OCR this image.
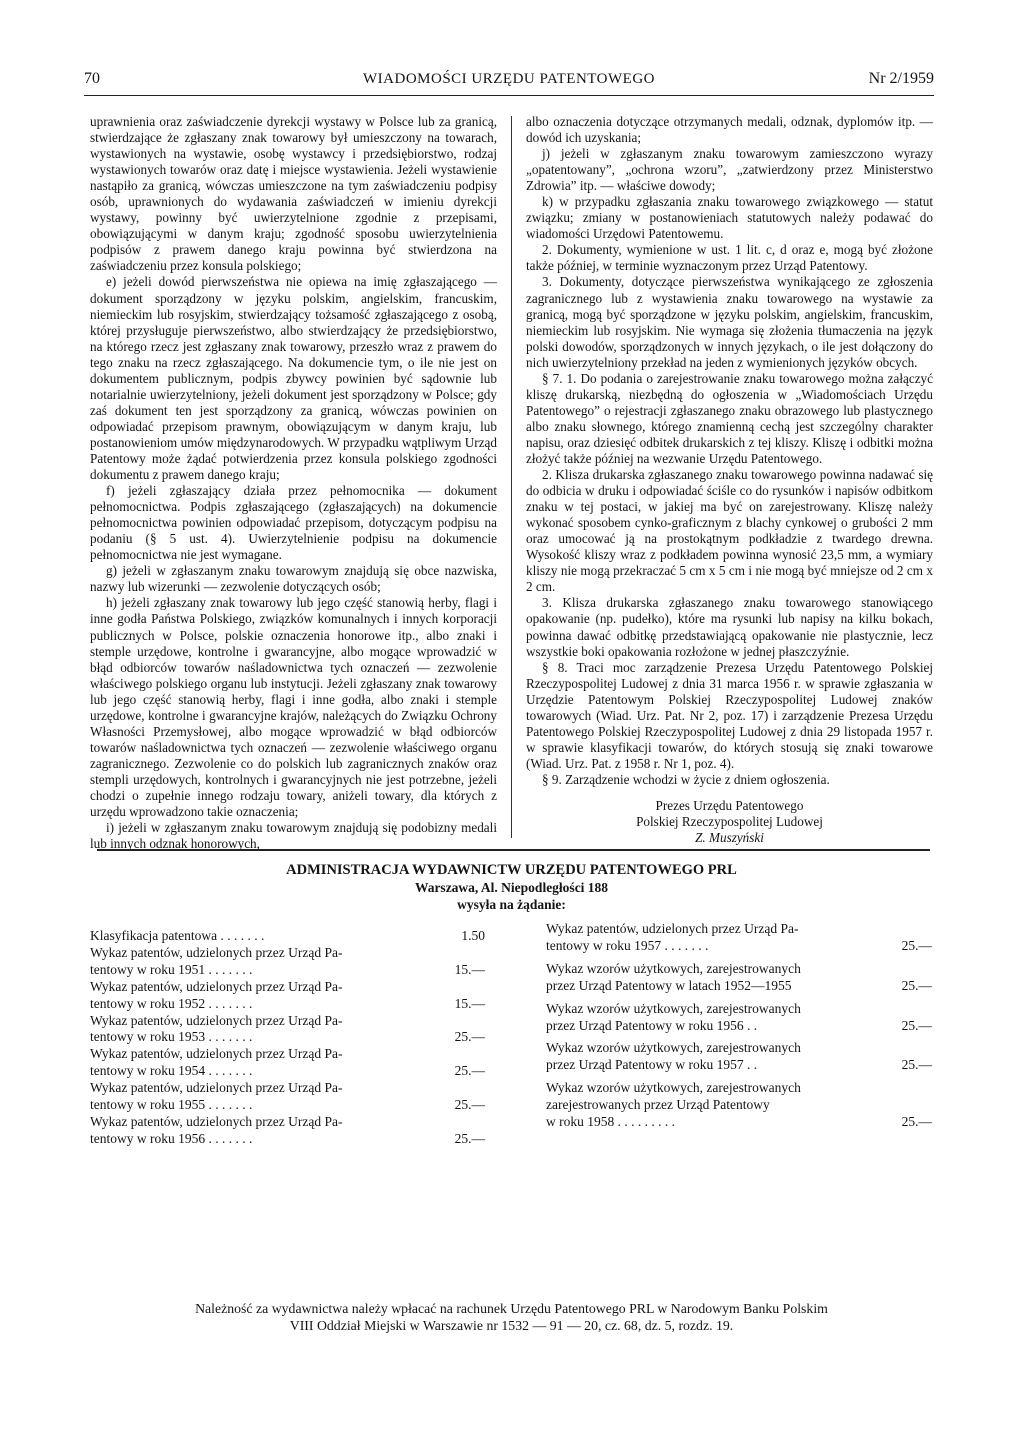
70	WIADOMOŚCI URZĘDU PATENTOWEGO	Nr 2/1959

uprawnienia oraz zaświadczenie dyrekcji wystawy w Polsce lub za granicą, stwierdzające że zgłaszany znak towarowy był umieszczony na towarach, wystawionych na wystawie, osobę wystawcy i przedsiębiorstwo, rodzaj wystawionych towarów oraz datę i miejsce wystawienia. Jeżeli wystawienie nastąpiło za granicą, wówczas umieszczone na tym zaświadczeniu podpisy osób, uprawnionych do wydawania zaświadczeń w imieniu dyrekcji wystawy, powinny być uwierzytelnione zgodnie z przepisami, obowiązującymi w danym kraju; zgodność sposobu uwierzytelnienia podpisów z prawem danego kraju powinna być stwierdzona na zaświadczeniu przez konsula polskiego;

e) jeżeli dowód pierwszeństwa nie opiewa na imię zgłaszającego — dokument sporządzony w języku polskim, angielskim, francuskim, niemieckim lub rosyjskim, stwierdzający tożsamość zgłaszającego z osobą, której przysługuje pierwszeństwo, albo stwierdzający że przedsiębiorstwo, na którego rzecz jest zgłaszany znak towarowy, przeszło wraz z prawem do tego znaku na rzecz zgłaszającego. Na dokumencie tym, o ile nie jest on dokumentem publicznym, podpis zbywcy powinien być sądownie lub notarialnie uwierzytelniony, jeżeli dokument jest sporządzony w Polsce; gdy zaś dokument ten jest sporządzony za granicą, wówczas powinien on odpowiadać przepisom prawnym, obowiązującym w danym kraju, lub postanowieniom umów międzynarodowych. W przypadku wątpliwym Urząd Patentowy może żądać potwierdzenia przez konsula polskiego zgodności dokumentu z prawem danego kraju;

f) jeżeli zgłaszający działa przez pełnomocnika — dokument pełnomocnictwa. Podpis zgłaszającego (zgłaszających) na dokumencie pełnomocnictwa powinien odpowiadać przepisom, dotyczącym podpisu na podaniu (§ 5 ust. 4). Uwierzytelnienie podpisu na dokumencie pełnomocnictwa nie jest wymagane.

g) jeżeli w zgłaszanym znaku towarowym znajdują się obce nazwiska, nazwy lub wizerunki — zezwolenie dotyczących osób;

h) jeżeli zgłaszany znak towarowy lub jego część stanowią herby, flagi i inne godła Państwa Polskiego, związków komunalnych i innych korporacji publicznych w Polsce, polskie oznaczenia honorowe itp., albo znaki i stemple urzędowe, kontrolne i gwarancyjne, albo mogące wprowadzić w błąd odbiorców towarów naśladownictwa tych oznaczeń — zezwolenie właściwego polskiego organu lub instytucji. Jeżeli zgłaszany znak towarowy lub jego część stanowią herby, flagi i inne godła, albo znaki i stemple urzędowe, kontrolne i gwarancyjne krajów, należących do Związku Ochrony Własności Przemysłowej, albo mogące wprowadzić w błąd odbiorców towarów naśladownictwa tych oznaczeń — zezwolenie właściwego organu zagranicznego. Zezwolenie co do polskich lub zagranicznych znaków oraz stempli urzędowych, kontrolnych i gwarancyjnych nie jest potrzebne, jeżeli chodzi o zupełnie innego rodzaju towary, aniżeli towary, dla których z urzędu wprowadzono takie oznaczenia;

i) jeżeli w zgłaszanym znaku towarowym znajdują się podobizny medali lub innych odznak honorowych,

albo oznaczenia dotyczące otrzymanych medali, odznak, dyplomów itp. — dowód ich uzyskania;

j) jeżeli w zgłaszanym znaku towarowym zamieszczono wyrazy „opatentowany”, „ochrona wzoru”, „zatwierdzony przez Ministerstwo Zdrowia” itp. — właściwe dowody;

k) w przypadku zgłaszania znaku towarowego związkowego — statut związku; zmiany w postanowieniach statutowych należy podawać do wiadomości Urzędowi Patentowemu.

2. Dokumenty, wymienione w ust. 1 lit. c, d oraz e, mogą być złożone także później, w terminie wyznaczonym przez Urząd Patentowy.

3. Dokumenty, dotyczące pierwszeństwa wynikającego ze zgłoszenia zagranicznego lub z wystawienia znaku towarowego na wystawie za granicą, mogą być sporządzone w języku polskim, angielskim, francuskim, niemieckim lub rosyjskim. Nie wymaga się złożenia tłumaczenia na język polski dowodów, sporządzonych w innych językach, o ile jest dołączony do nich uwierzytelniony przekład na jeden z wymienionych języków obcych.

§ 7. 1. Do podania o zarejestrowanie znaku towarowego można załączyć kliszę drukarską, niezbędną do ogłoszenia w „Wiadomościach Urzędu Patentowego” o rejestracji zgłaszanego znaku obrazowego lub plastycznego albo znaku słownego, którego znamienną cechą jest szczególny charakter napisu, oraz dziesięć odbitek drukarskich z tej kliszy. Kliszę i odbitki można złożyć także później na wezwanie Urzędu Patentowego.

2. Klisza drukarska zgłaszanego znaku towarowego powinna nadawać się do odbicia w druku i odpowiadać ściśle co do rysunków i napisów odbitkom znaku w tej postaci, w jakiej ma być on zarejestrowany. Kliszę należy wykonać sposobem cynko-graficznym z blachy cynkowej o grubości 2 mm oraz umocować ją na prostokątnym podkładzie z twardego drewna. Wysokość kliszy wraz z podkładem powinna wynosić 23,5 mm, a wymiary kliszy nie mogą przekraczać 5 cm x 5 cm i nie mogą być mniejsze od 2 cm x 2 cm.

3. Klisza drukarska zgłaszanego znaku towarowego stanowiącego opakowanie (np. pudełko), które ma rysunki lub napisy na kilku bokach, powinna dawać odbitkę przedstawiającą opakowanie nie plastycznie, lecz wszystkie boki opakowania rozłożone w jednej płaszczyźnie.

§ 8. Traci moc zarządzenie Prezesa Urzędu Patentowego Polskiej Rzeczypospolitej Ludowej z dnia 31 marca 1956 r. w sprawie zgłaszania w Urzędzie Patentowym Polskiej Rzeczypospolitej Ludowej znaków towarowych (Wiad. Urz. Pat. Nr 2, poz. 17) i zarządzenie Prezesa Urzędu Patentowego Polskiej Rzeczypospolitej Ludowej z dnia 29 listopada 1957 r. w sprawie klasyfikacji towarów, do których stosują się znaki towarowe (Wiad. Urz. Pat. z 1958 r. Nr 1, poz. 4).

§ 9. Zarządzenie wchodzi w życie z dniem ogłoszenia.

Prezes Urzędu Patentowego
Polskiej Rzeczypospolitej Ludowej
Z. Muszyński
ADMINISTRACJA WYDAWNICTW URZĘDU PATENTOWEGO PRL
Warszawa, Al. Niepodległości 188
wysyła na żądanie:
Klasyfikacja patentowa . . . . . . .	1.50
Wykaz patentów, udzielonych przez Urząd Pa-
tentowy w roku 1951 . . . . . . .	15.—
Wykaz patentów, udzielonych przez Urząd Pa-
tentowy w roku 1952 . . . . . . .	15.—
Wykaz patentów, udzielonych przez Urząd Pa-
tentowy w roku 1953 . . . . . . .	25.—
Wykaz patentów, udzielonych przez Urząd Pa-
tentowy w roku 1954 . . . . . . .	25.—
Wykaz patentów, udzielonych przez Urząd Pa-
tentowy w roku 1955 . . . . . . .	25.—
Wykaz patentów, udzielonych przez Urząd Pa-
tentowy w roku 1956 . . . . . . .	25.—
Wykaz patentów, udzielonych przez Urząd Pa-
tentowy w roku 1957 . . . . . . .	25.—
Wykaz wzorów użytkowych, zarejestrowanych
przez Urząd Patentowy w latach 1952—1955	25.—
Wykaz wzorów użytkowych, zarejestrowanych
przez Urząd Patentowy w roku 1956 . .	25.—
Wykaz wzorów użytkowych, zarejestrowanych
przez Urząd Patentowy w roku 1957 . .	25.—
Wykaz wzorów użytkowych, zarejestrowanych
zarejestrowanych przez Urząd Patentowy
w roku 1958 . . . . . . . . .	25.—
Należność za wydawnictwa należy wpłacać na rachunek Urzędu Patentowego PRL w Narodowym Banku Polskim
VIII Oddział Miejski w Warszawie nr 1532 — 91 — 20, cz. 68, dz. 5, rozdz. 19.
